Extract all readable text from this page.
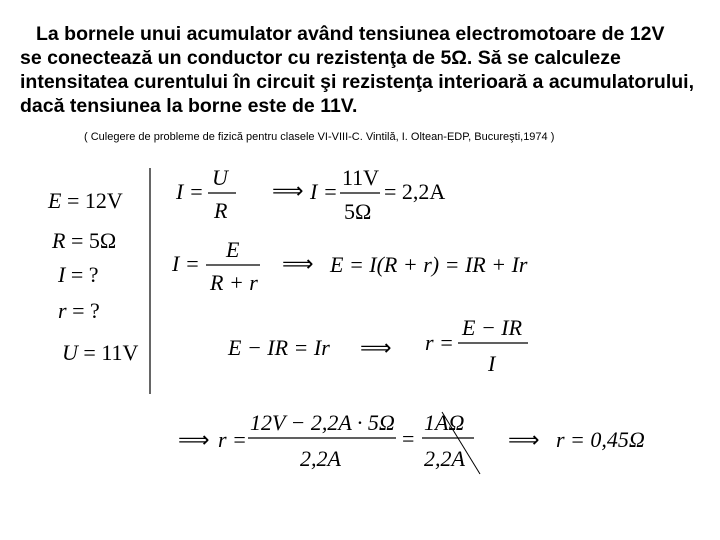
La bornele unui acumulator având tensiunea electromotoare de 12V
se conectează un conductor cu rezistenţa de 5Ω. Să se calculeze
intensitatea curentului în circuit şi rezistenţa interioară a acumulatorului,
dacă tensiunea la borne este de 11V.

( Culegere de probleme de fizică pentru clasele VI-VIII-C. Vintilă, I. Oltean-EDP, Bucureşti,1974 )
E = 12V
R = 5Ω
I = ?
r = ?
U = 11V
I =
U
R
⟹ I =
11V
5Ω
= 2,2A
I =
E
R + r
⟹ E = I(R + r) = IR + Ir
E − IR = Ir ⟹ r =
E − IR
I
⟹ r =
12V − 2,2A · 5Ω
2,2A
=
1AΩ
2,2A
⟹ r = 0,45Ω
